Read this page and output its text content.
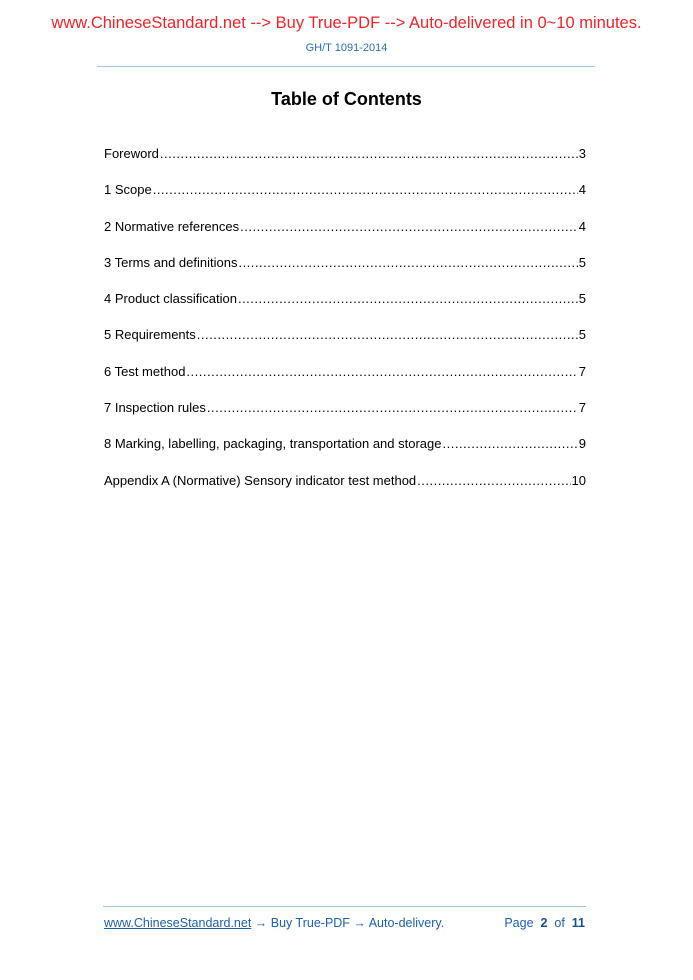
www.ChineseStandard.net --> Buy True-PDF --> Auto-delivered in 0~10 minutes.
GH/T 1091-2014
Table of Contents
Foreword .....	3
1 Scope .....	4
2 Normative references .....	4
3 Terms and definitions .....	5
4 Product classification .....	5
5 Requirements .....	5
6 Test method .....	7
7 Inspection rules .....	7
8 Marking, labelling, packaging, transportation and storage .....	9
Appendix A (Normative) Sensory indicator test method .....	10
www.ChineseStandard.net → Buy True-PDF → Auto-delivery.	Page 2 of 11
